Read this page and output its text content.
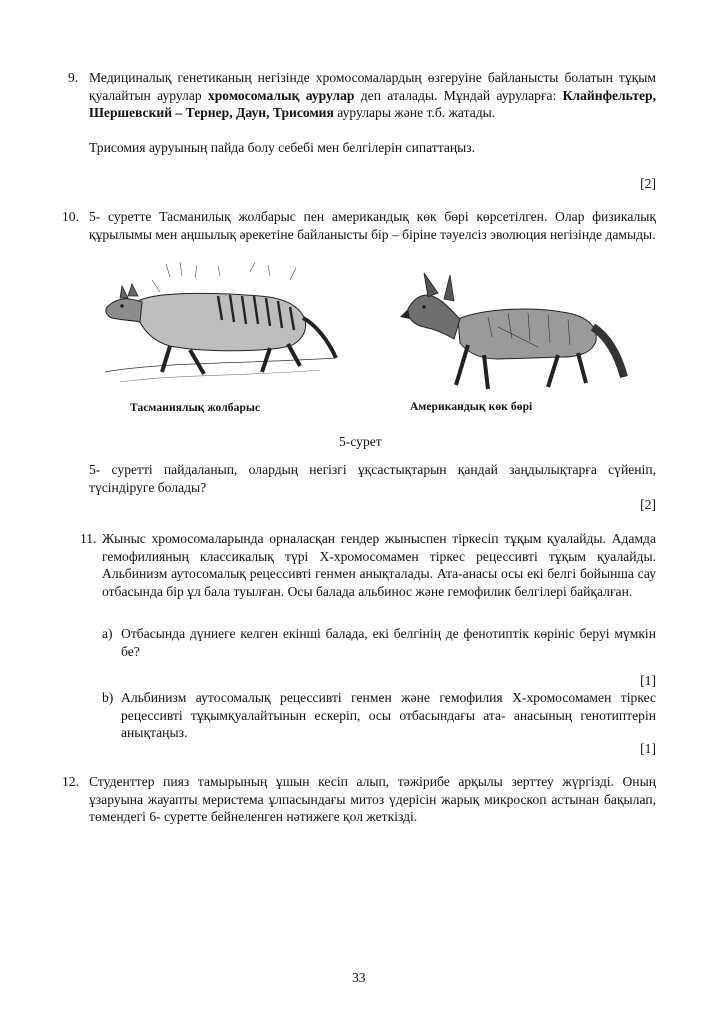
9. Медициналық генетиканың негізінде хромосомалардың өзгеруіне байланысты болатын тұқым қуалайтын аурулар хромосомалық аурулар деп аталады. Мұндай ауруларға: Клайнфельтер, Шершевский – Тернер, Даун, Трисомия аурулары және т.б. жатады.
Трисомия ауруының пайда болу себебі мен белгілерін сипаттаңыз.
[2]
10. 5- суретте Тасманилық жолбарыс пен американдық көк бөрі көрсетілген. Олар физикалық құрылымы мен аңшылық әрекетіне байланысты бір – біріне тәуелсіз эволюция негізінде дамыды.
Тасманиялық жолбарыс	Американдық көк бөрі
5-сурет
5- суретті пайдаланып, олардың негізгі ұқсастықтарын қандай заңдылықтарға сүйеніп, түсіндіруге болады?
[2]
11. Жыныс хромосомаларында орналасқан гендер жыныспен тіркесіп тұқым қуалайды. Адамда гемофилияның классикалық түрі Х-хромосомамен тіркес рецессивті тұқым қуалайды. Альбинизм аутосомалық рецессивті генмен анықталады. Ата-анасы осы екі белгі бойынша сау отбасында бір ұл бала туылған. Осы балада альбинос және гемофилик белгілері байқалған.
a) Отбасында дүниеге келген екінші балада, екі белгінің де фенотиптік көрініс беруі мүмкін бе?
[1]
b) Альбинизм аутосомалық рецессивті генмен және гемофилия Х-хромосомамен тіркес рецессивті тұқымқуалайтынын ескеріп, осы отбасындағы ата- анасының генотиптерін анықтаңыз.
[1]
12. Студенттер пияз тамырының ұшын кесіп алып, тәжірибе арқылы зерттеу жүргізді. Оның ұзаруына жауапты меристема ұлпасындағы митоз үдерісін жарық микроскоп астынан бақылап, төмендегі 6- суретте бейнеленген нәтижеге қол жеткізді.
33
